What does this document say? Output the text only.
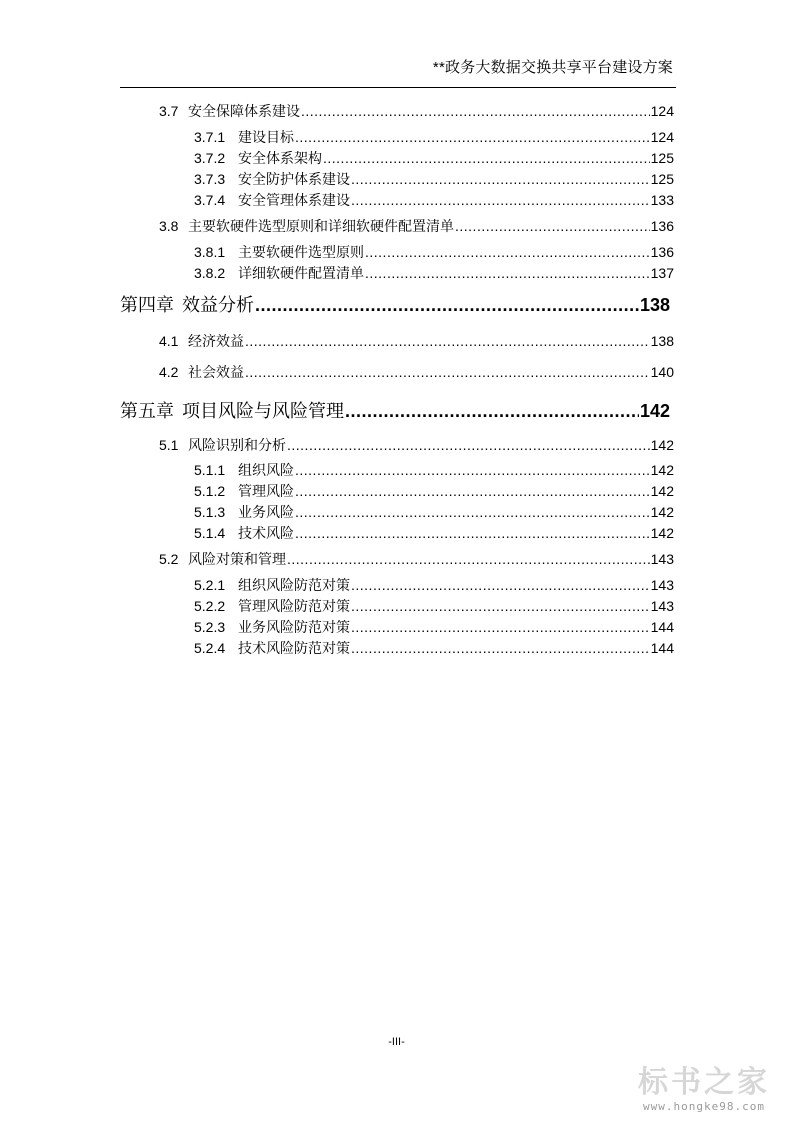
**政务大数据交换共享平台建设方案
3.7 安全保障体系建设 .....	124
3.7.1 建设目标 .....	124
3.7.2 安全体系架构 .....	125
3.7.3 安全防护体系建设 .....	125
3.7.4 安全管理体系建设 .....	133
3.8 主要软硬件选型原则和详细软硬件配置清单 .....	136
3.8.1 主要软硬件选型原则 .....	136
3.8.2 详细软硬件配置清单 .....	137
第四章 效益分析 .....	138
4.1 经济效益 .....	138
4.2 社会效益 .....	140
第五章 项目风险与风险管理 .....	142
5.1 风险识别和分析 .....	142
5.1.1 组织风险 .....	142
5.1.2 管理风险 .....	142
5.1.3 业务风险 .....	142
5.1.4 技术风险 .....	142
5.2 风险对策和管理 .....	143
5.2.1 组织风险防范对策 .....	143
5.2.2 管理风险防范对策 .....	143
5.2.3 业务风险防范对策 .....	144
5.2.4 技术风险防范对策 .....	144
-III-
标书之家
www.hongke98.com
